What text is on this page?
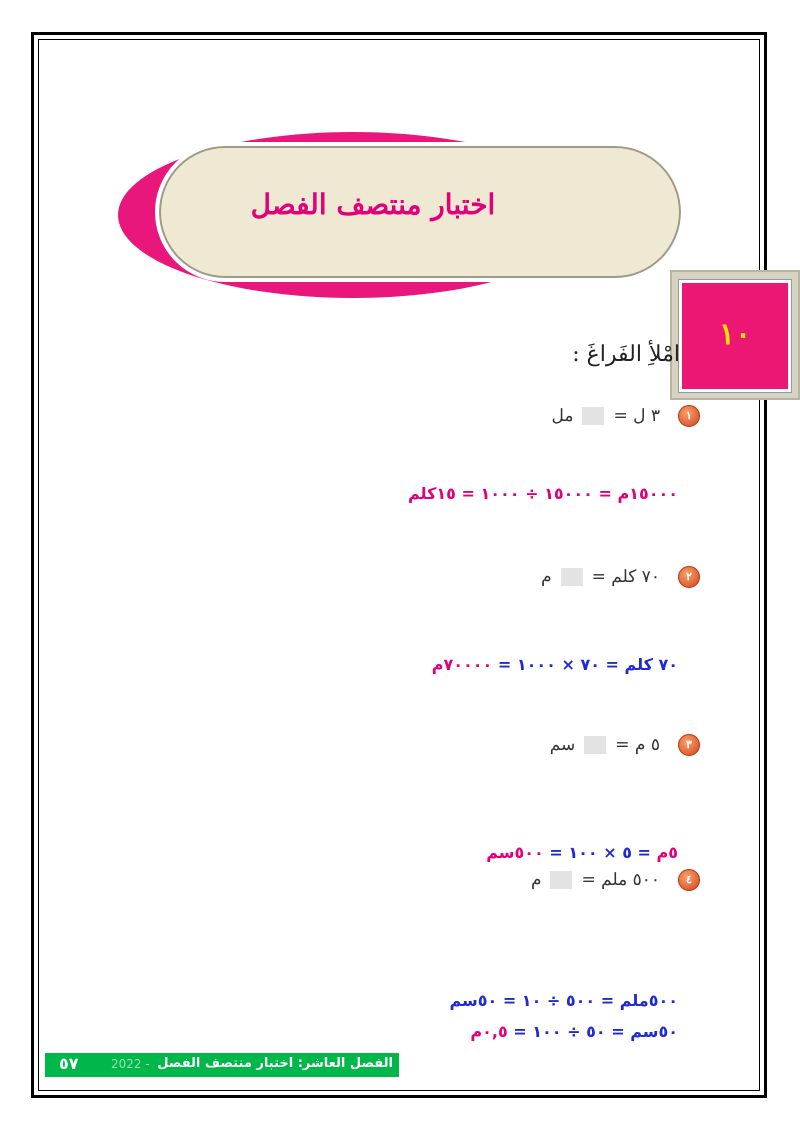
اختبار منتصف الفصل
١٠
امْلأِ الفَراغَ :
١
٣ ل =
مل
١٥٠٠٠م = ١٥٠٠٠ ÷ ١٠٠٠ = ١٥كلم
٢
٧٠ كلم =
م
٧٠ كلم = ٧٠ × ١٠٠٠ = ٧٠٠٠٠م
٣
٥ م =
سم
٥م = ٥ × ١٠٠ = ٥٠٠سم
٤
٥٠٠ ملم =
م
٥٠٠ملم = ٥٠٠ ÷ ١٠ = ٥٠سم
٥٠سم = ٥٠ ÷ ١٠٠ = ٠,٥م
٥٧	2022 -	الفصل العاشر: اختبار منتصف الفصل
